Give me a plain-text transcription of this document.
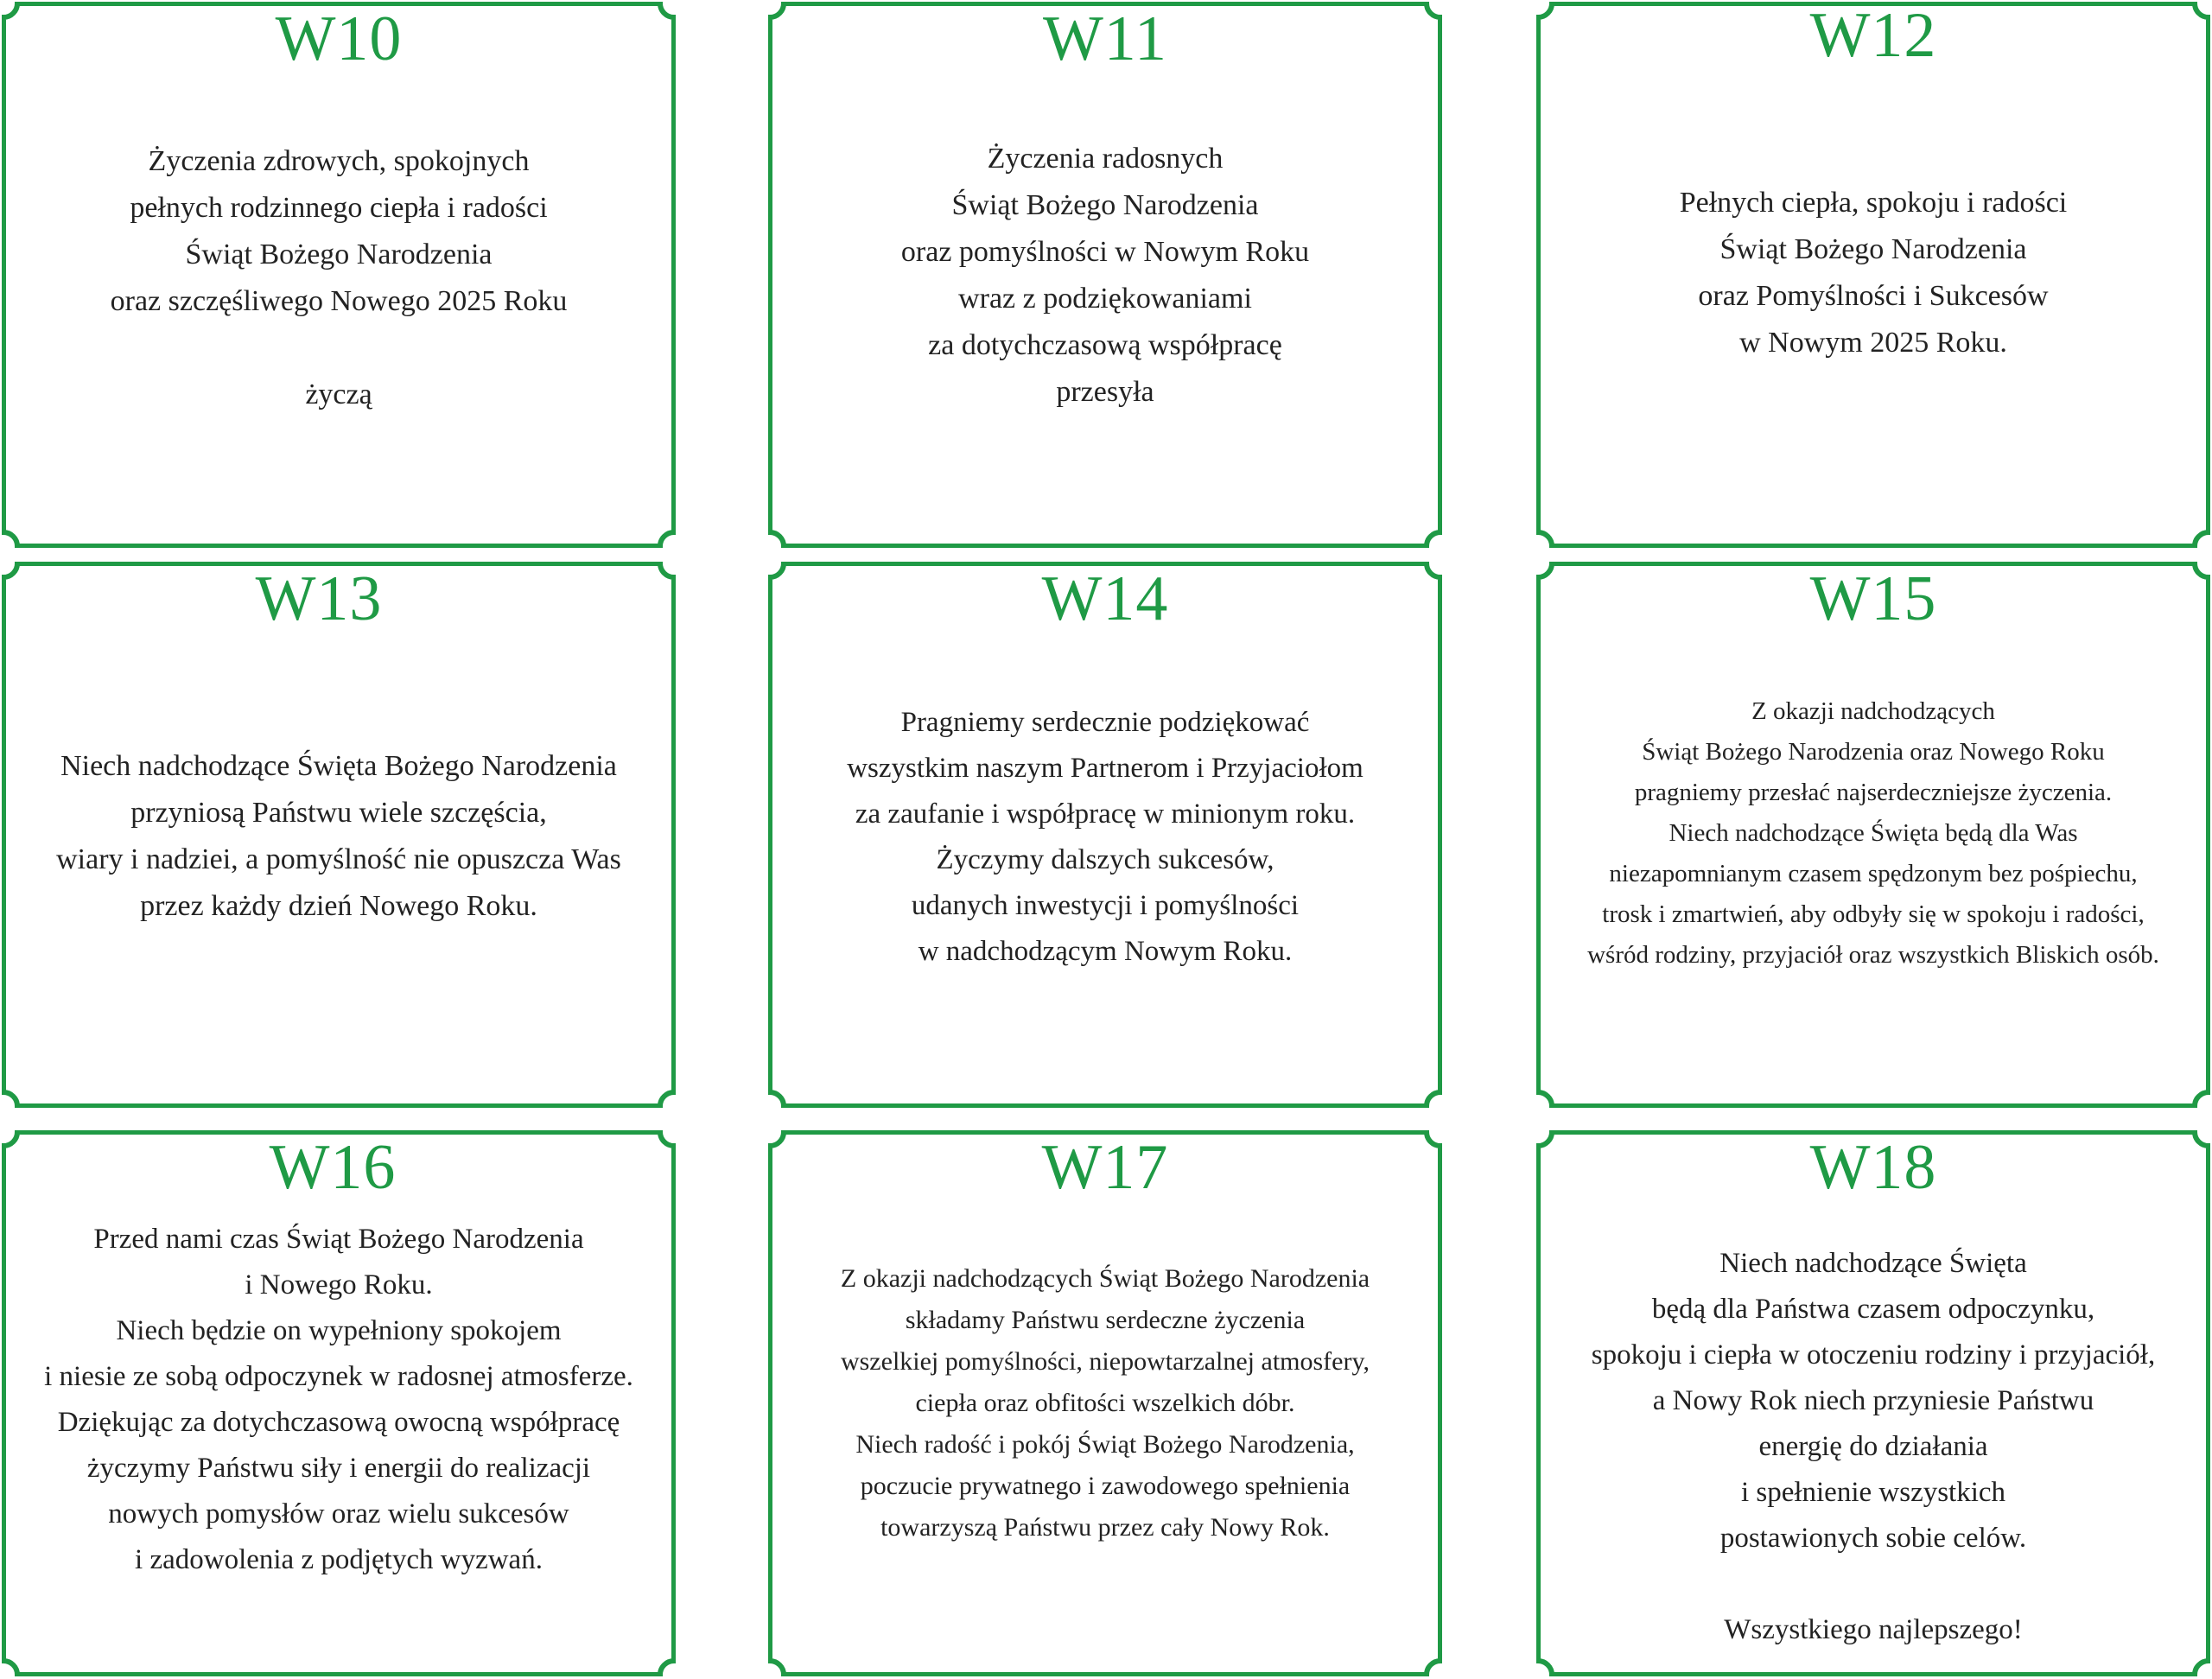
W10
Życzenia zdrowych, spokojnych
pełnych rodzinnego ciepła i radości
Świąt Bożego Narodzenia
oraz szczęśliwego Nowego 2025 Roku

życzą
W11
Życzenia radosnych
Świąt Bożego Narodzenia
oraz pomyślności w Nowym Roku
wraz z podziękowaniami
za dotychczasową współpracę
przesyła
W12
Pełnych ciepła, spokoju i radości
Świąt Bożego Narodzenia
oraz Pomyślności i Sukcesów
w Nowym 2025 Roku.
W13
Niech nadchodzące Święta Bożego Narodzenia
przyniosą Państwu wiele szczęścia,
wiary i nadziei, a pomyślność nie opuszcza Was
przez każdy dzień Nowego Roku.
W14
Pragniemy serdecznie podziękować
wszystkim naszym Partnerom i Przyjaciołom
za zaufanie i współpracę w minionym roku.
Życzymy dalszych sukcesów,
udanych inwestycji i pomyślności
w nadchodzącym Nowym Roku.
W15
Z okazji nadchodzących
Świąt Bożego Narodzenia oraz Nowego Roku
pragniemy przesłać najserdeczniejsze życzenia.
Niech nadchodzące Święta będą dla Was
niezapomnianym czasem spędzonym bez pośpiechu,
trosk i zmartwień, aby odbyły się w spokoju i radości,
wśród rodziny, przyjaciół oraz wszystkich Bliskich osób.
W16
Przed nami czas Świąt Bożego Narodzenia
i Nowego Roku.
Niech będzie on wypełniony spokojem
i niesie ze sobą odpoczynek w radosnej atmosferze.
Dziękując za dotychczasową owocną współpracę
życzymy Państwu siły i energii do realizacji
nowych pomysłów oraz wielu sukcesów
i zadowolenia z podjętych wyzwań.
W17
Z okazji nadchodzących Świąt Bożego Narodzenia
składamy Państwu serdeczne życzenia
wszelkiej pomyślności, niepowtarzalnej atmosfery,
ciepła oraz obfitości wszelkich dóbr.
Niech radość i pokój Świąt Bożego Narodzenia,
poczucie prywatnego i zawodowego spełnienia
towarzyszą Państwu przez cały Nowy Rok.
W18
Niech nadchodzące Święta
będą dla Państwa czasem odpoczynku,
spokoju i ciepła w otoczeniu rodziny i przyjaciół,
a Nowy Rok niech przyniesie Państwu
energię do działania
i spełnienie wszystkich
postawionych sobie celów.

Wszystkiego najlepszego!
